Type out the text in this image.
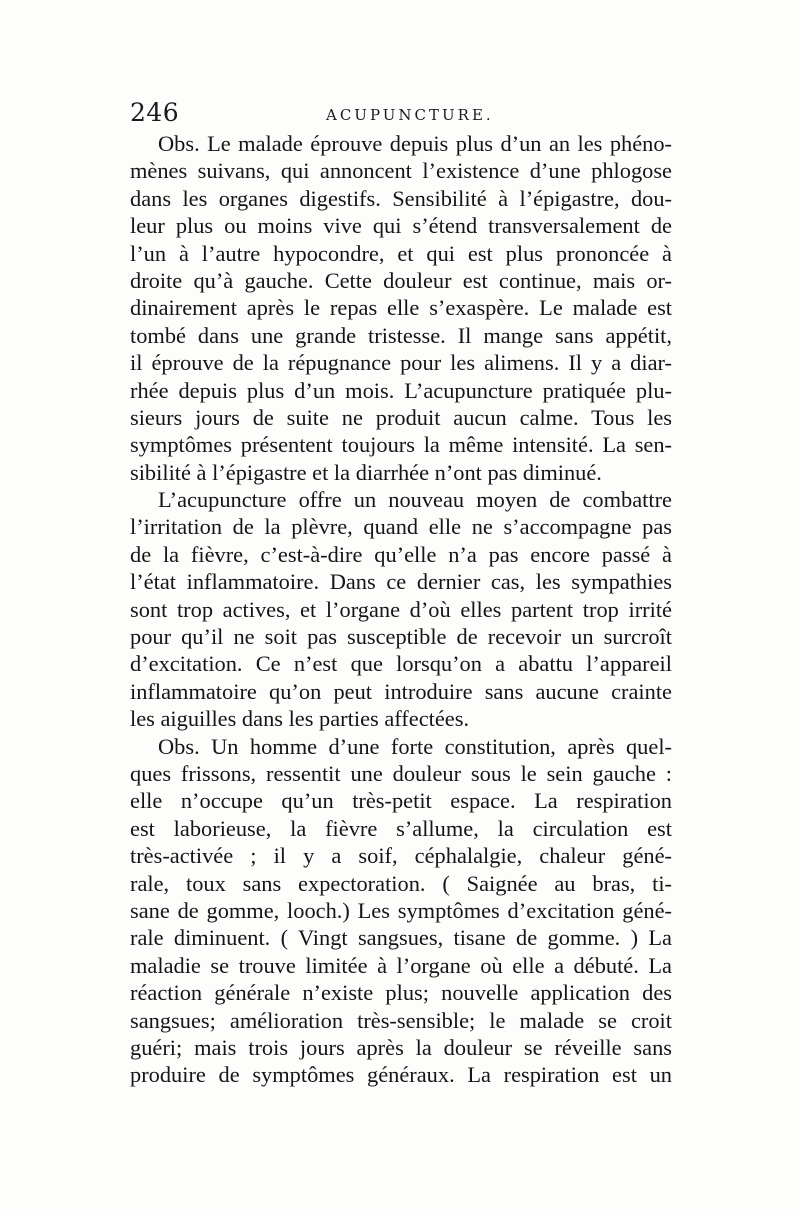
246	ACUPUNCTURE.
Obs. Le malade éprouve depuis plus d’un an les phéno-
mènes suivans, qui annoncent l’existence d’une phlogose
dans les organes digestifs. Sensibilité à l’épigastre, dou-
leur plus ou moins vive qui s’étend transversalement de
l’un à l’autre hypocondre, et qui est plus prononcée à
droite qu’à gauche. Cette douleur est continue, mais or-
dinairement après le repas elle s’exaspère. Le malade est
tombé dans une grande tristesse. Il mange sans appétit,
il éprouve de la répugnance pour les alimens. Il y a diar-
rhée depuis plus d’un mois. L’acupuncture pratiquée plu-
sieurs jours de suite ne produit aucun calme. Tous les
symptômes présentent toujours la même intensité. La sen-
sibilité à l’épigastre et la diarrhée n’ont pas diminué.
L’acupuncture offre un nouveau moyen de combattre
l’irritation de la plèvre, quand elle ne s’accompagne pas
de la fièvre, c’est-à-dire qu’elle n’a pas encore passé à
l’état inflammatoire. Dans ce dernier cas, les sympathies
sont trop actives, et l’organe d’où elles partent trop irrité
pour qu’il ne soit pas susceptible de recevoir un surcroît
d’excitation. Ce n’est que lorsqu’on a abattu l’appareil
inflammatoire qu’on peut introduire sans aucune crainte
les aiguilles dans les parties affectées.
Obs. Un homme d’une forte constitution, après quel-
ques frissons, ressentit une douleur sous le sein gauche :
elle n’occupe qu’un très-petit espace. La respiration
est laborieuse, la fièvre s’allume, la circulation est
très-activée ; il y a soif, céphalalgie, chaleur géné-
rale, toux sans expectoration. ( Saignée au bras, ti-
sane de gomme, looch.) Les symptômes d’excitation géné-
rale diminuent. ( Vingt sangsues, tisane de gomme. ) La
maladie se trouve limitée à l’organe où elle a débuté. La
réaction générale n’existe plus; nouvelle application des
sangsues; amélioration très-sensible; le malade se croit
guéri; mais trois jours après la douleur se réveille sans
produire de symptômes généraux. La respiration est un
